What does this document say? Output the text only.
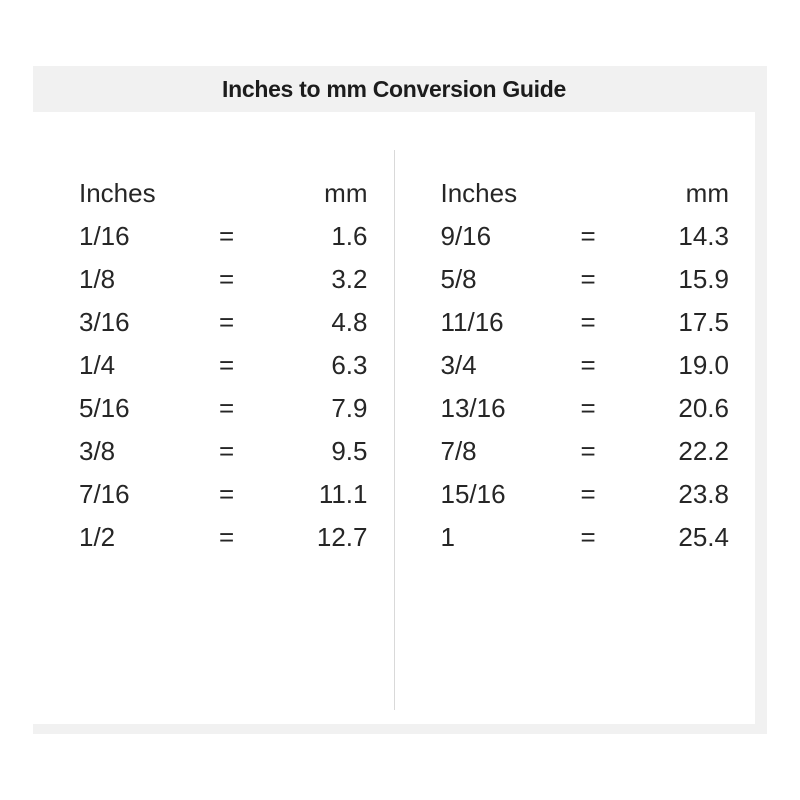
Inches to mm Conversion Guide
Inches	mm
1/16	=	1.6
1/8	=	3.2
3/16	=	4.8
1/4	=	6.3
5/16	=	7.9
3/8	=	9.5
7/16	=	11.1
1/2	=	12.7
Inches	mm
9/16	=	14.3
5/8	=	15.9
11/16	=	17.5
3/4	=	19.0
13/16	=	20.6
7/8	=	22.2
15/16	=	23.8
1	=	25.4
